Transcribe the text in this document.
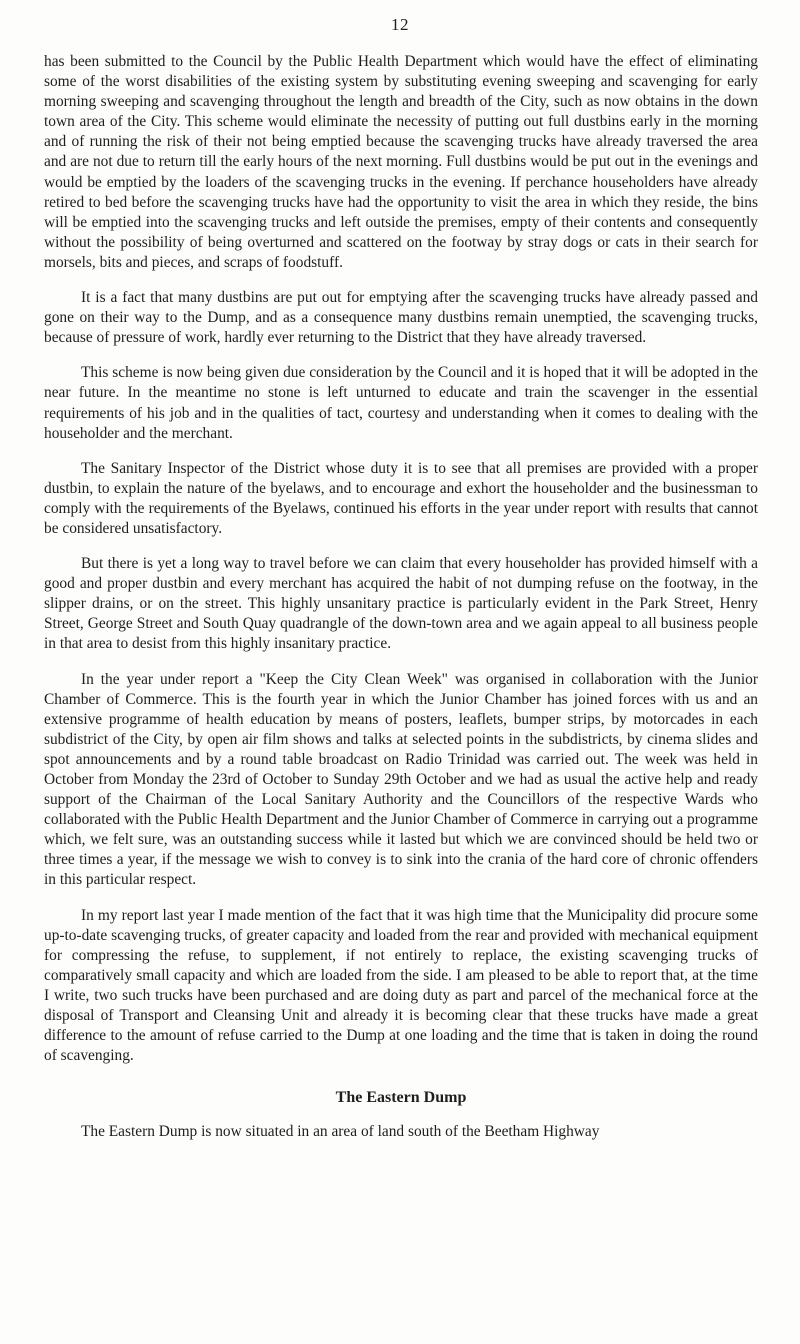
12

has been submitted to the Council by the Public Health Department which would have the effect of eliminating some of the worst disabilities of the existing system by substituting evening sweeping and scavenging for early morning sweeping and scavenging throughout the length and breadth of the City, such as now obtains in the down town area of the City. This scheme would eliminate the necessity of putting out full dustbins early in the morning and of running the risk of their not being emptied because the scavenging trucks have already traversed the area and are not due to return till the early hours of the next morning. Full dustbins would be put out in the evenings and would be emptied by the loaders of the scavenging trucks in the evening. If perchance householders have already retired to bed before the scavenging trucks have had the opportunity to visit the area in which they reside, the bins will be emptied into the scavenging trucks and left outside the premises, empty of their contents and consequently without the possibility of being overturned and scattered on the footway by stray dogs or cats in their search for morsels, bits and pieces, and scraps of foodstuff.

It is a fact that many dustbins are put out for emptying after the scavenging trucks have already passed and gone on their way to the Dump, and as a consequence many dustbins remain unemptied, the scavenging trucks, because of pressure of work, hardly ever returning to the District that they have already traversed.

This scheme is now being given due consideration by the Council and it is hoped that it will be adopted in the near future. In the meantime no stone is left unturned to educate and train the scavenger in the essential requirements of his job and in the qualities of tact, courtesy and understanding when it comes to dealing with the householder and the merchant.

The Sanitary Inspector of the District whose duty it is to see that all premises are provided with a proper dustbin, to explain the nature of the byelaws, and to encourage and exhort the householder and the businessman to comply with the requirements of the Byelaws, continued his efforts in the year under report with results that cannot be considered unsatisfactory.

But there is yet a long way to travel before we can claim that every householder has provided himself with a good and proper dustbin and every merchant has acquired the habit of not dumping refuse on the footway, in the slipper drains, or on the street. This highly unsanitary practice is particularly evident in the Park Street, Henry Street, George Street and South Quay quadrangle of the down-town area and we again appeal to all business people in that area to desist from this highly insanitary practice.

In the year under report a "Keep the City Clean Week" was organised in collaboration with the Junior Chamber of Commerce. This is the fourth year in which the Junior Chamber has joined forces with us and an extensive programme of health education by means of posters, leaflets, bumper strips, by motorcades in each subdistrict of the City, by open air film shows and talks at selected points in the subdistricts, by cinema slides and spot announcements and by a round table broadcast on Radio Trinidad was carried out. The week was held in October from Monday the 23rd of October to Sunday 29th October and we had as usual the active help and ready support of the Chairman of the Local Sanitary Authority and the Councillors of the respective Wards who collaborated with the Public Health Department and the Junior Chamber of Commerce in carrying out a programme which, we felt sure, was an outstanding success while it lasted but which we are convinced should be held two or three times a year, if the message we wish to convey is to sink into the crania of the hard core of chronic offenders in this particular respect.

In my report last year I made mention of the fact that it was high time that the Municipality did procure some up-to-date scavenging trucks, of greater capacity and loaded from the rear and provided with mechanical equipment for compressing the refuse, to supplement, if not entirely to replace, the existing scavenging trucks of comparatively small capacity and which are loaded from the side. I am pleased to be able to report that, at the time I write, two such trucks have been purchased and are doing duty as part and parcel of the mechanical force at the disposal of Transport and Cleansing Unit and already it is becoming clear that these trucks have made a great difference to the amount of refuse carried to the Dump at one loading and the time that is taken in doing the round of scavenging.

The Eastern Dump

The Eastern Dump is now situated in an area of land south of the Beetham Highway
